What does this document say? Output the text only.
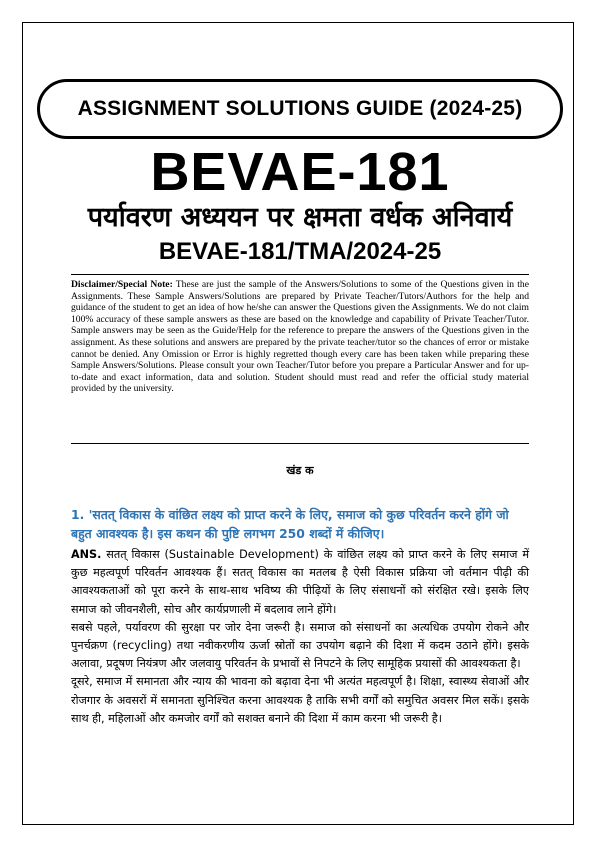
ASSIGNMENT SOLUTIONS GUIDE (2024-25)
BEVAE-181
पर्यावरण अध्ययन पर क्षमता वर्धक अनिवार्य
BEVAE-181/TMA/2024-25

Disclaimer/Special Note: These are just the sample of the Answers/Solutions to some of the Questions given in the Assignments. These Sample Answers/Solutions are prepared by Private Teacher/Tutors/Authors for the help and guidance of the student to get an idea of how he/she can answer the Questions given the Assignments. We do not claim 100% accuracy of these sample answers as these are based on the knowledge and capability of Private Teacher/Tutor. Sample answers may be seen as the Guide/Help for the reference to prepare the answers of the Questions given in the assignment. As these solutions and answers are prepared by the private teacher/tutor so the chances of error or mistake cannot be denied. Any Omission or Error is highly regretted though every care has been taken while preparing these Sample Answers/Solutions. Please consult your own Teacher/Tutor before you prepare a Particular Answer and for up-to-date and exact information, data and solution. Student should must read and refer the official study material provided by the university.

खंड क

1. 'सतत् विकास के वांछित लक्ष्य को प्राप्त करने के लिए, समाज को कुछ परिवर्तन करने होंगे जो बहुत आवश्यक है। इस कथन की पुष्टि लगभग 250 शब्दों में कीजिए।

ANS. सतत् विकास (Sustainable Development) के वांछित लक्ष्य को प्राप्त करने के लिए समाज में कुछ महत्वपूर्ण परिवर्तन आवश्यक हैं। सतत् विकास का मतलब है ऐसी विकास प्रक्रिया जो वर्तमान पीढ़ी की आवश्यकताओं को पूरा करने के साथ-साथ भविष्य की पीढ़ियों के लिए संसाधनों को संरक्षित रखे। इसके लिए समाज को जीवनशैली, सोच और कार्यप्रणाली में बदलाव लाने होंगे।

सबसे पहले, पर्यावरण की सुरक्षा पर जोर देना जरूरी है। समाज को संसाधनों का अत्यधिक उपयोग रोकने और पुनर्चक्रण (recycling) तथा नवीकरणीय ऊर्जा स्रोतों का उपयोग बढ़ाने की दिशा में कदम उठाने होंगे। इसके अलावा, प्रदूषण नियंत्रण और जलवायु परिवर्तन के प्रभावों से निपटने के लिए सामूहिक प्रयासों की आवश्यकता है।

दूसरे, समाज में समानता और न्याय की भावना को बढ़ावा देना भी अत्यंत महत्वपूर्ण है। शिक्षा, स्वास्थ्य सेवाओं और रोजगार के अवसरों में समानता सुनिश्चित करना आवश्यक है ताकि सभी वर्गों को समुचित अवसर मिल सकें। इसके साथ ही, महिलाओं और कमजोर वर्गों को सशक्त बनाने की दिशा में काम करना भी जरूरी है।
